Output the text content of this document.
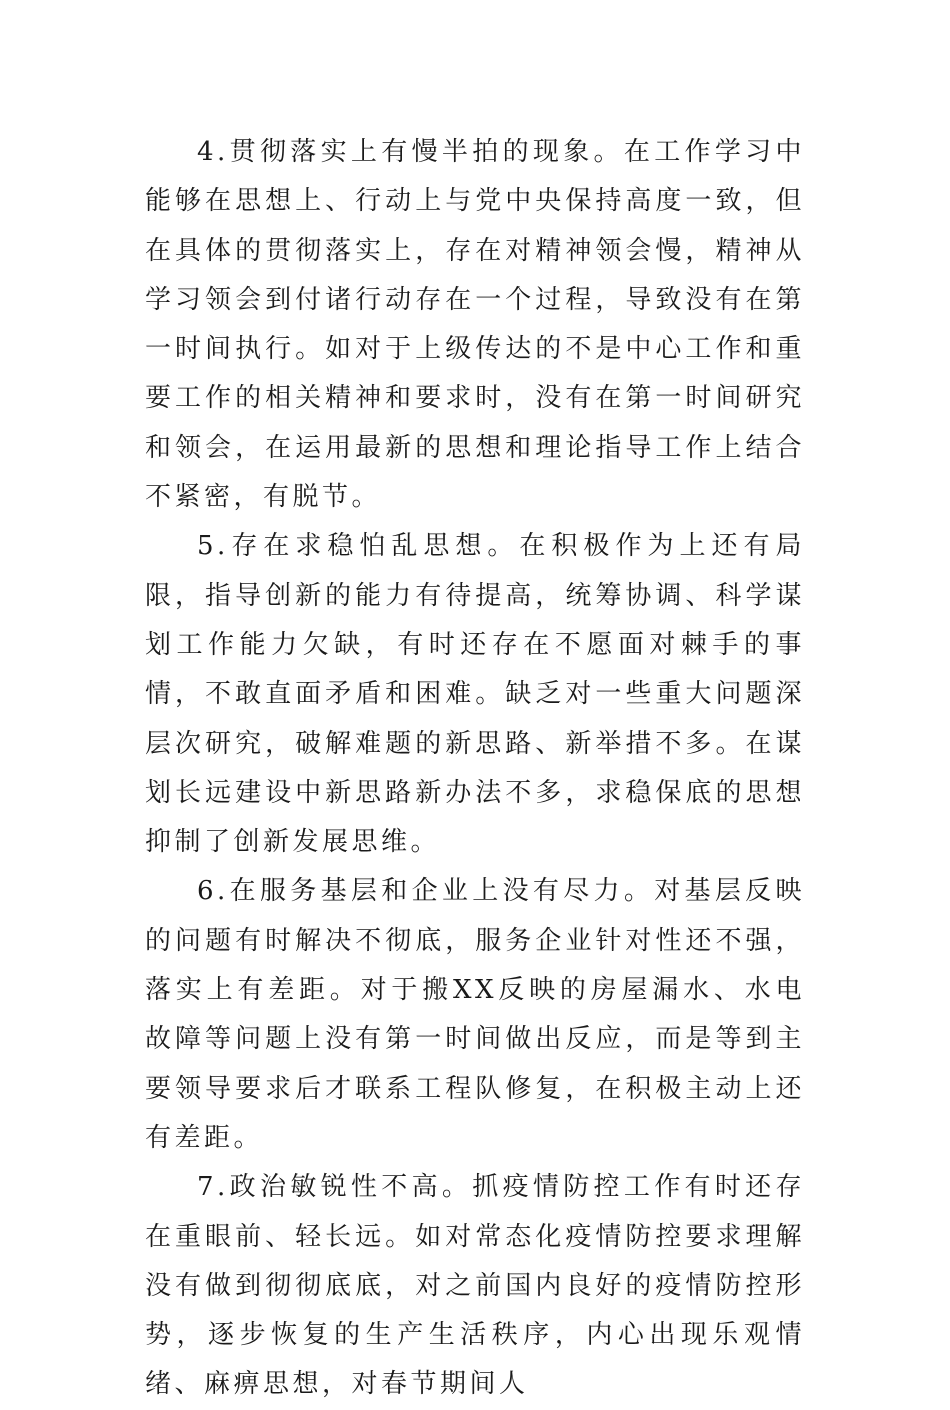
4.贯彻落实上有慢半拍的现象。在工作学习中能够在思想上、行动上与党中央保持高度一致，但在具体的贯彻落实上，存在对精神领会慢，精神从学习领会到付诸行动存在一个过程，导致没有在第一时间执行。如对于上级传达的不是中心工作和重要工作的相关精神和要求时，没有在第一时间研究和领会，在运用最新的思想和理论指导工作上结合不紧密，有脱节。

5.存在求稳怕乱思想。在积极作为上还有局限，指导创新的能力有待提高，统筹协调、科学谋划工作能力欠缺，有时还存在不愿面对棘手的事情，不敢直面矛盾和困难。缺乏对一些重大问题深层次研究，破解难题的新思路、新举措不多。在谋划长远建设中新思路新办法不多，求稳保底的思想抑制了创新发展思维。

6.在服务基层和企业上没有尽力。对基层反映的问题有时解决不彻底，服务企业针对性还不强，落实上有差距。对于搬XX反映的房屋漏水、水电故障等问题上没有第一时间做出反应，而是等到主要领导要求后才联系工程队修复，在积极主动上还有差距。

7.政治敏锐性不高。抓疫情防控工作有时还存在重眼前、轻长远。如对常态化疫情防控要求理解没有做到彻彻底底，对之前国内良好的疫情防控形势，逐步恢复的生产生活秩序，内心出现乐观情绪、麻痹思想，对春节期间人
